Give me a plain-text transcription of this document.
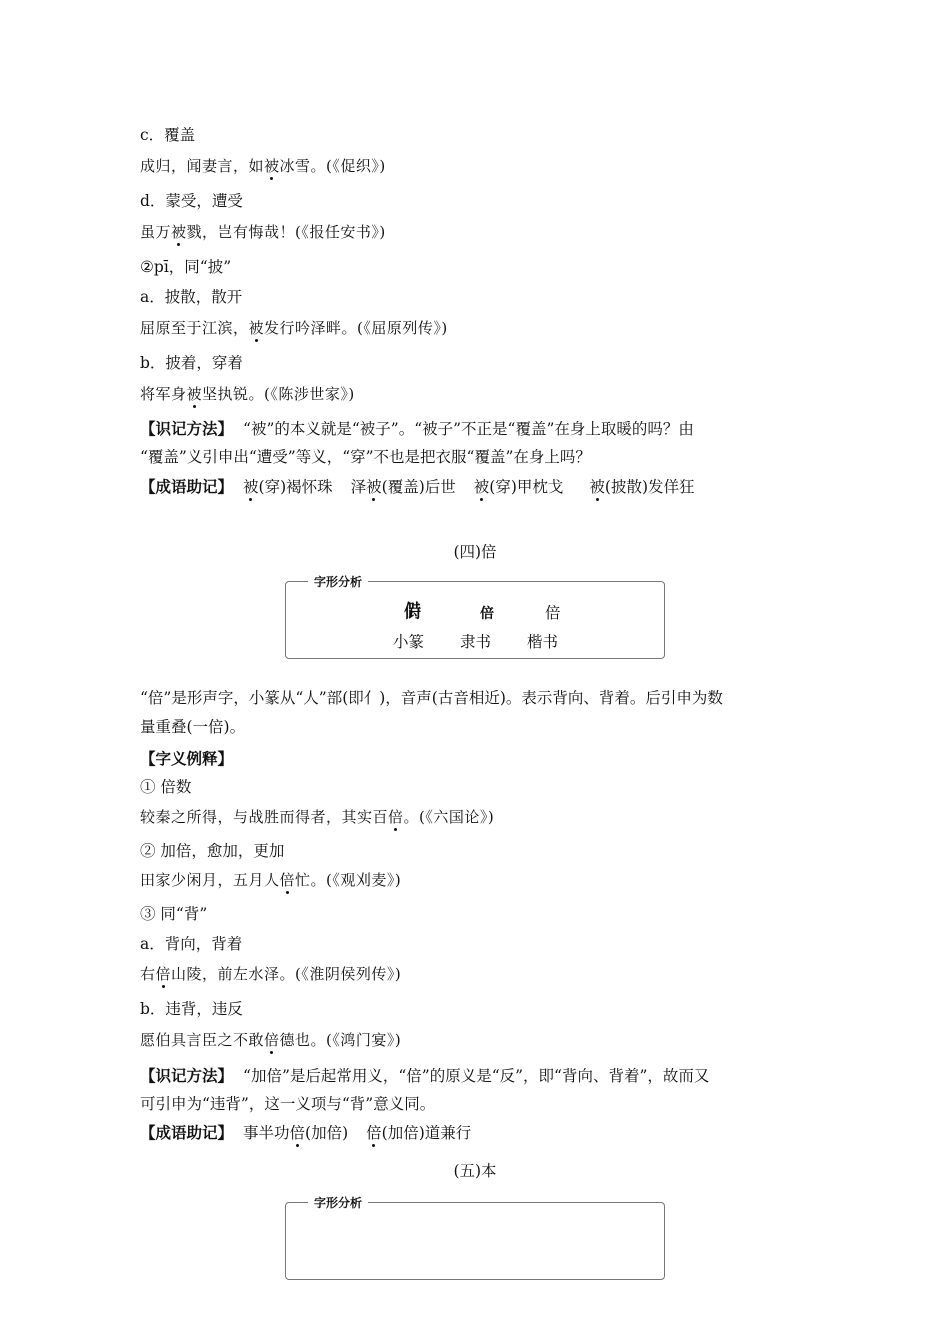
c．覆盖
成归，闻妻言，如被冰雪。(《促织》)
d．蒙受，遭受
虽万被戮，岂有悔哉！(《报任安书》)
②pī，同“披”
a．披散，散开
屈原至于江滨，被发行吟泽畔。(《屈原列传》)
b．披着，穿着
将军身被坚执锐。(《陈涉世家》)
【识记方法】 “被”的本义就是“被子”。“被子”不正是“覆盖”在身上取暖的吗？由
“覆盖”义引申出“遭受”等义，“穿”不也是把衣服“覆盖”在身上吗？
【成语助记】 被(穿)褐怀珠 泽被(覆盖)后世 被(穿)甲枕戈 被(披散)发佯狂
(四)倍
字形分析
𠍰	倍	倍
小篆 隶书 楷书
“倍”是形声字，小篆从“人”部(即亻)，音声(古音相近)。表示背向、背着。后引申为数
量重叠(一倍)。
【字义例释】
① 倍数
较秦之所得，与战胜而得者，其实百倍。(《六国论》)
② 加倍，愈加，更加
田家少闲月，五月人倍忙。(《观刈麦》)
③ 同“背”
a．背向，背着
右倍山陵，前左水泽。(《淮阴侯列传》)
b．违背，违反
愿伯具言臣之不敢倍德也。(《鸿门宴》)
【识记方法】 “加倍”是后起常用义，“倍”的原义是“反”，即“背向、背着”，故而又
可引申为“违背”，这一义项与“背”意义同。
【成语助记】 事半功倍(加倍) 倍(加倍)道兼行
(五)本
字形分析
